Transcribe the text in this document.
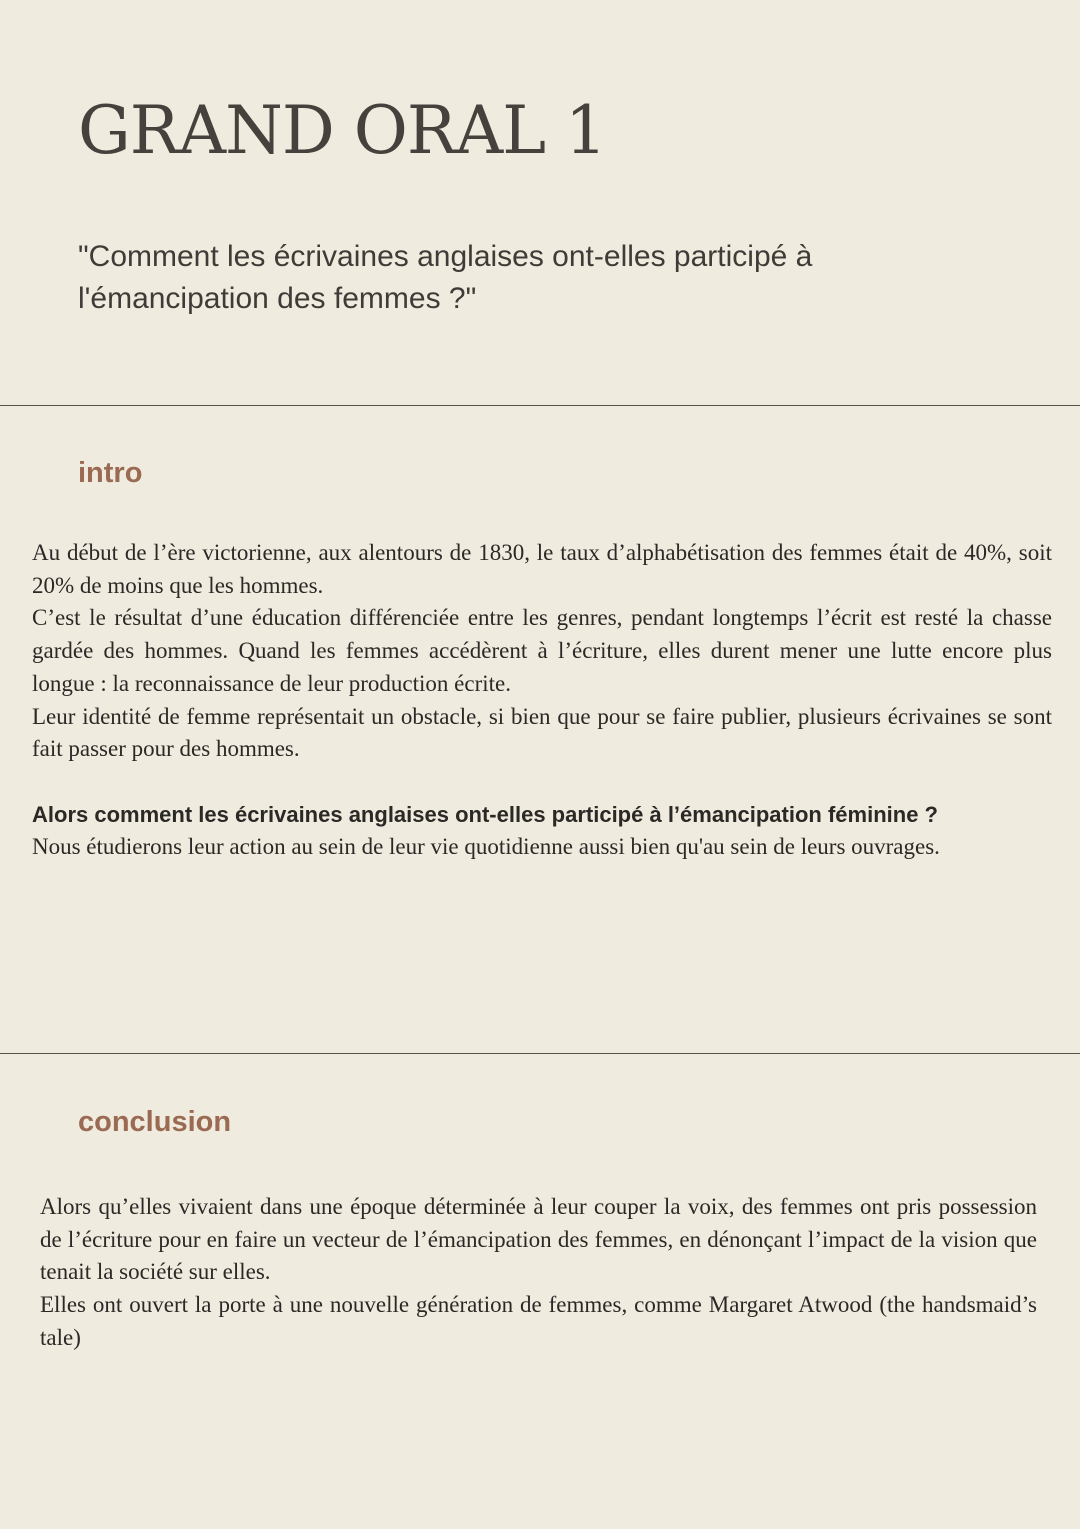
GRAND ORAL 1

"Comment les écrivaines anglaises ont-elles participé à l'émancipation des femmes ?"

intro

Au début de l’ère victorienne, aux alentours de 1830, le taux d’alphabétisation des femmes était de 40%, soit 20% de moins que les hommes.

C’est le résultat d’une éducation différenciée entre les genres, pendant longtemps l’écrit est resté la chasse gardée des hommes. Quand les femmes accédèrent à l’écriture, elles durent mener une lutte encore plus longue : la reconnaissance de leur production écrite.

Leur identité de femme représentait un obstacle, si bien que pour se faire publier, plusieurs écrivaines se sont fait passer pour des hommes.

Alors comment les écrivaines anglaises ont-elles participé à l’émancipation féminine ?

Nous étudierons leur action au sein de leur vie quotidienne aussi bien qu'au sein de leurs ouvrages.

conclusion

Alors qu’elles vivaient dans une époque déterminée à leur couper la voix, des femmes ont pris possession de l’écriture pour en faire un vecteur de l’émancipation des femmes, en dénonçant l’impact de la vision que tenait la société sur elles.

Elles ont ouvert la porte à une nouvelle génération de femmes, comme Margaret Atwood (the handsmaid’s tale)
